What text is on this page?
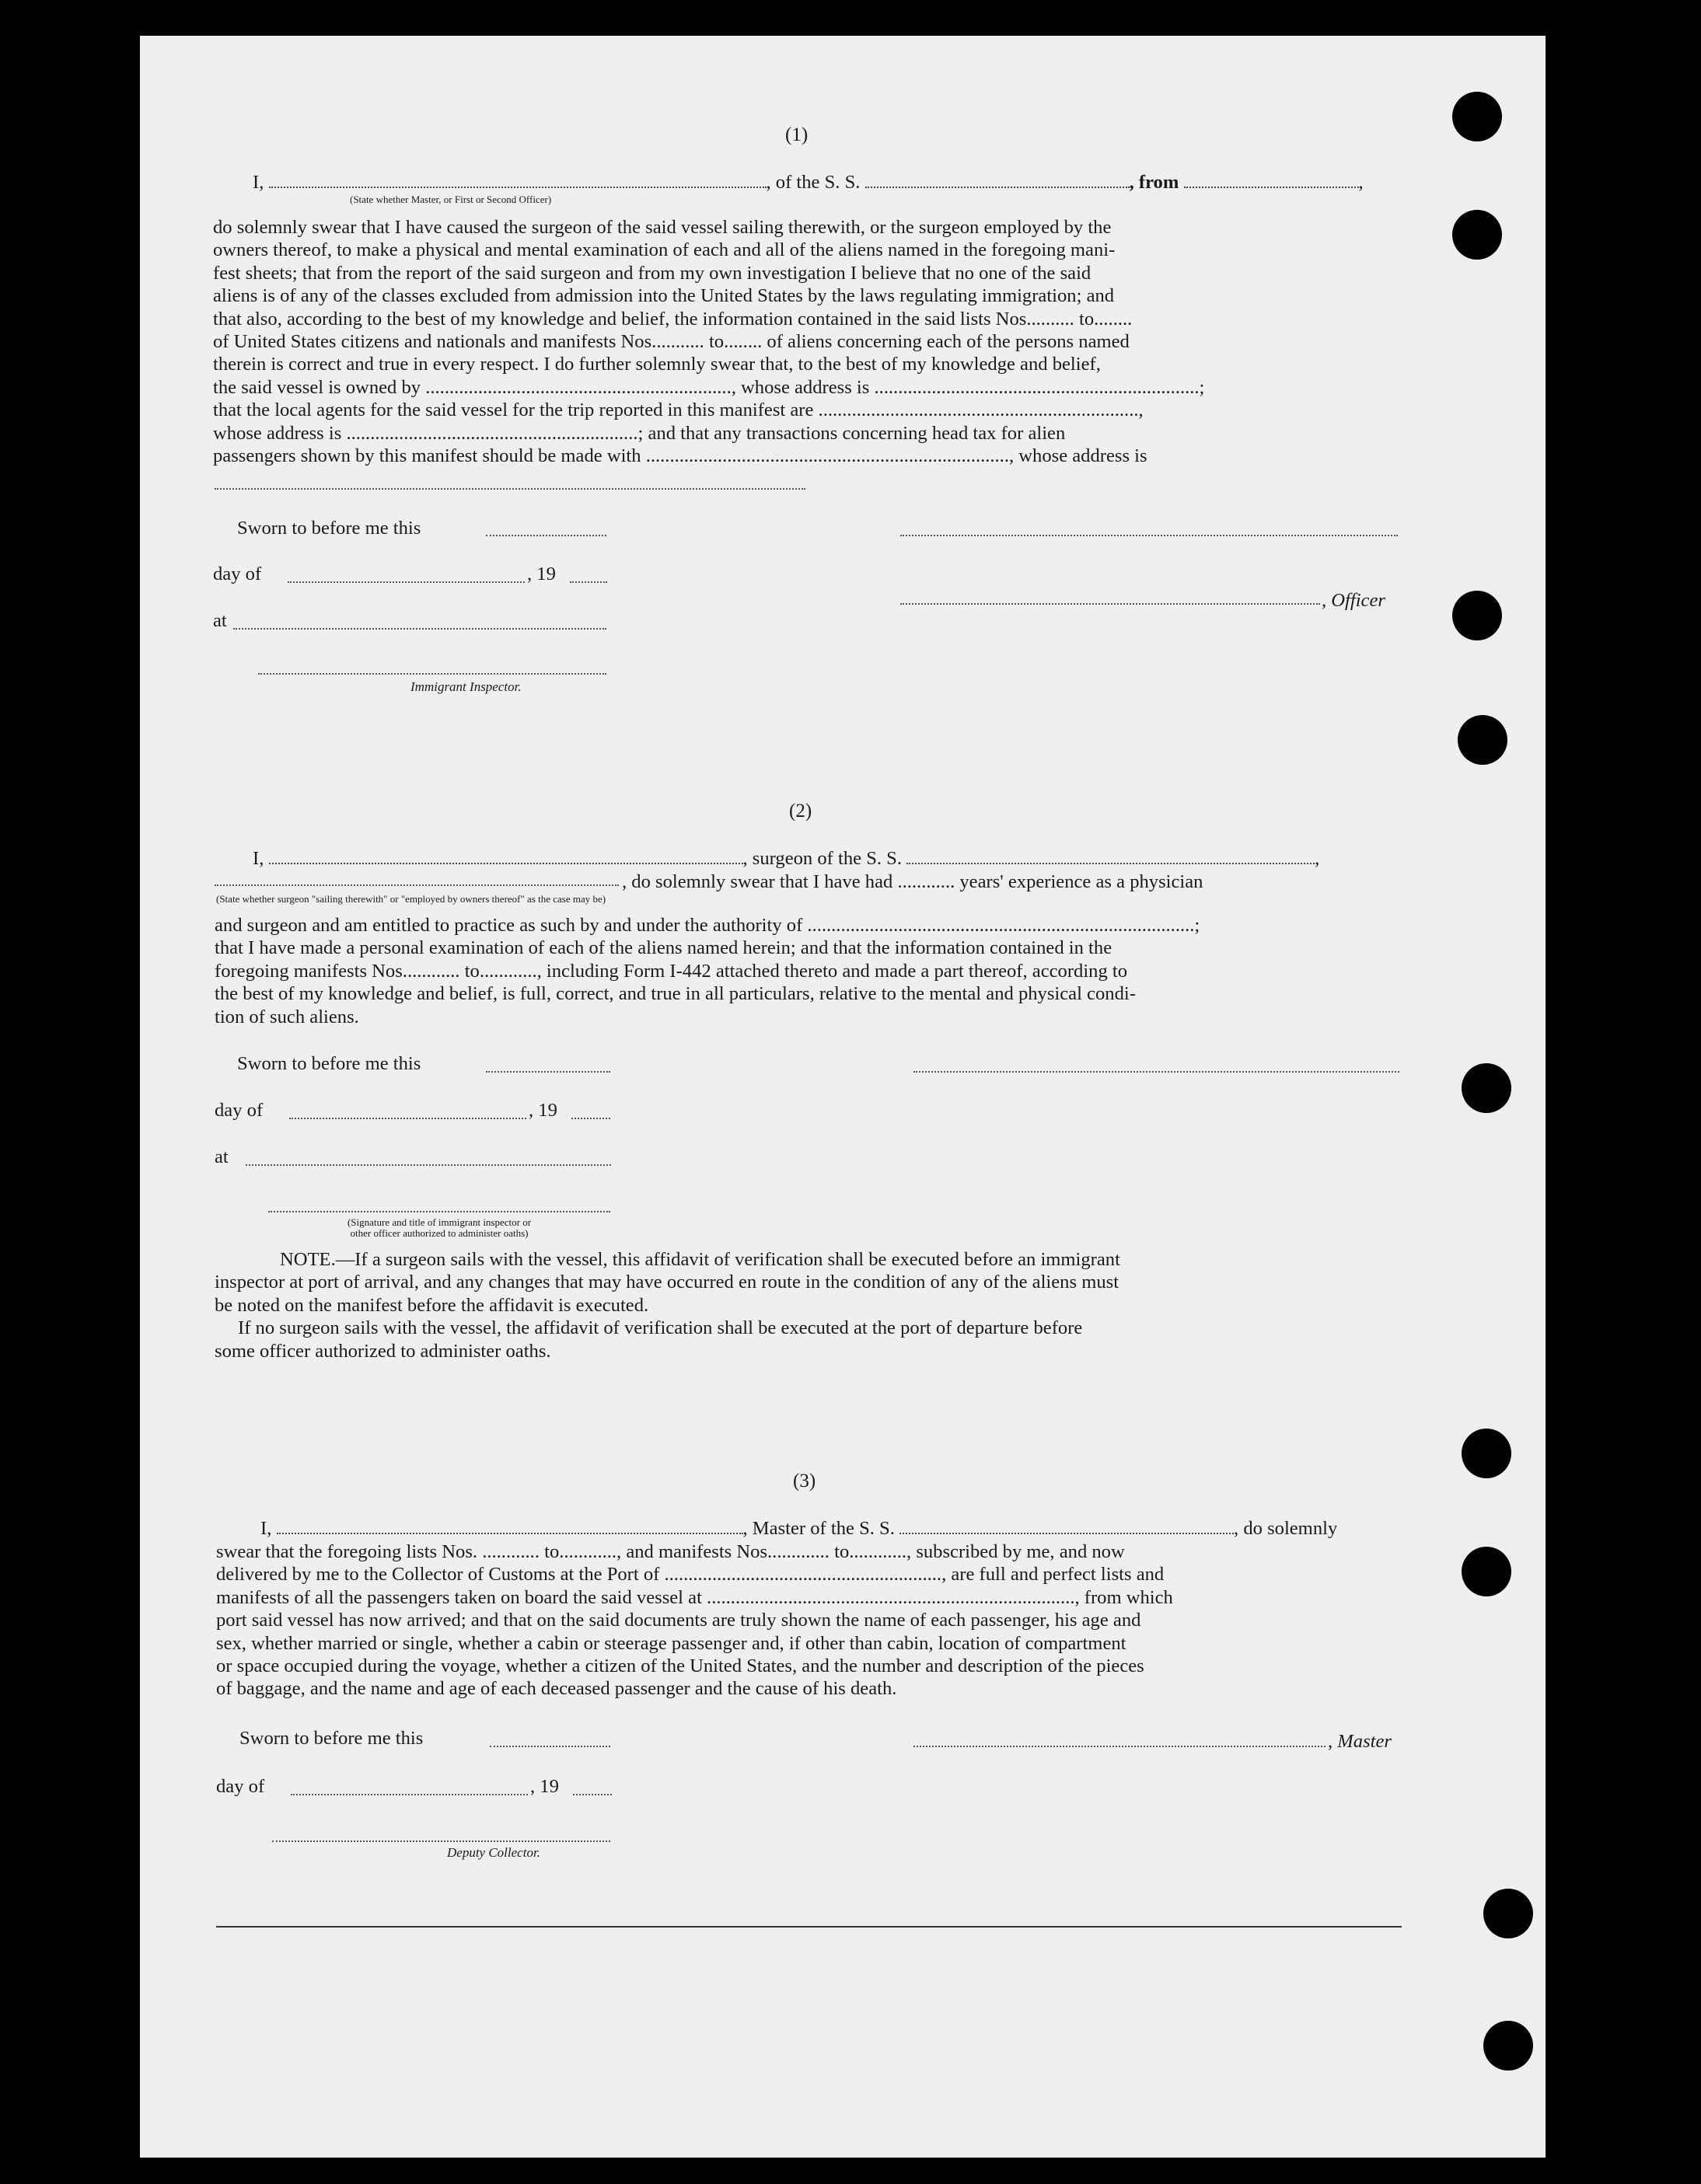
(1)
I,	, of the S. S.	, from	,
(State whether Master, or First or Second Officer)
do solemnly swear that I have caused the surgeon of the said vessel sailing therewith, or the surgeon employed by the
owners thereof, to make a physical and mental examination of each and all of the aliens named in the foregoing mani-
fest sheets; that from the report of the said surgeon and from my own investigation I believe that no one of the said
aliens is of any of the classes excluded from admission into the United States by the laws regulating immigration; and
that also, according to the best of my knowledge and belief, the information contained in the said lists Nos.......... to........
of United States citizens and nationals and manifests Nos........... to........ of aliens concerning each of the persons named
therein is correct and true in every respect. I do further solemnly swear that, to the best of my knowledge and belief,
the said vessel is owned by ................................................................, whose address is ....................................................................;
that the local agents for the said vessel for the trip reported in this manifest are ...................................................................,
whose address is .............................................................; and that any transactions concerning head tax for alien
passengers shown by this manifest should be made with ............................................................................, whose address is
Sworn to before me this
day of	, 19
, Officer
at
Immigrant Inspector.
(2)
I,	, surgeon of the S. S.	,
, do solemnly swear that I have had ............ years' experience as a physician
(State whether surgeon "sailing therewith" or "employed by owners thereof" as the case may be)
and surgeon and am entitled to practice as such by and under the authority of .................................................................................;
that I have made a personal examination of each of the aliens named herein; and that the information contained in the
foregoing manifests Nos............ to............, including Form I-442 attached thereto and made a part thereof, according to
the best of my knowledge and belief, is full, correct, and true in all particulars, relative to the mental and physical condi-
tion of such aliens.
Sworn to before me this
day of	, 19
at
(Signature and title of immigrant inspector or
other officer authorized to administer oaths)
NOTE.—If a surgeon sails with the vessel, this affidavit of verification shall be executed before an immigrant
inspector at port of arrival, and any changes that may have occurred en route in the condition of any of the aliens must
be noted on the manifest before the affidavit is executed.
If no surgeon sails with the vessel, the affidavit of verification shall be executed at the port of departure before
some officer authorized to administer oaths.
(3)
I,	, Master of the S. S.	, do solemnly
swear that the foregoing lists Nos. ............ to............, and manifests Nos............. to............, subscribed by me, and now
delivered by me to the Collector of Customs at the Port of .........................................................., are full and perfect lists and
manifests of all the passengers taken on board the said vessel at ............................................................................., from which
port said vessel has now arrived; and that on the said documents are truly shown the name of each passenger, his age and
sex, whether married or single, whether a cabin or steerage passenger and, if other than cabin, location of compartment
or space occupied during the voyage, whether a citizen of the United States, and the number and description of the pieces
of baggage, and the name and age of each deceased passenger and the cause of his death.
Sworn to before me this	, Master
day of	, 19
Deputy Collector.
